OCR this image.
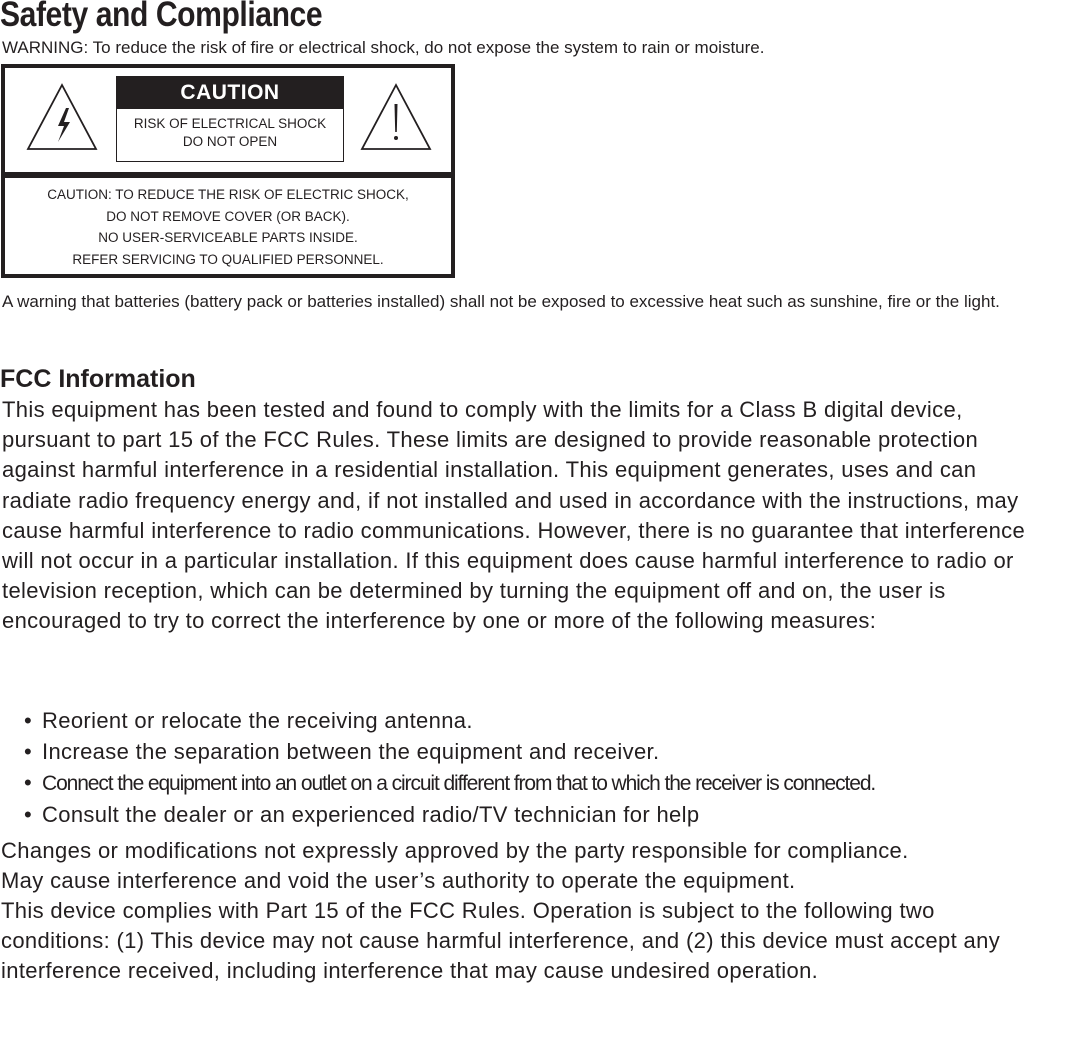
Safety and Compliance
WARNING: To reduce the risk of fire or electrical shock, do not expose the system to rain or moisture.
CAUTION
RISK OF ELECTRICAL SHOCK
DO NOT OPEN
CAUTION: TO REDUCE THE RISK OF ELECTRIC SHOCK,
DO NOT REMOVE COVER (OR BACK).
NO USER-SERVICEABLE PARTS INSIDE.
REFER SERVICING TO QUALIFIED PERSONNEL.
A warning that batteries (battery pack or batteries installed) shall not be exposed to excessive heat such as sunshine, fire or the light.
FCC Information
This equipment has been tested and found to comply with the limits for a Class B digital device, pursuant to part 15 of the FCC Rules. These limits are designed to provide reasonable protection against harmful interference in a residential installation. This equipment generates, uses and can radiate radio frequency energy and, if not installed and used in accordance with the instructions, may cause harmful interference to radio communications. However, there is no guarantee that interference will not occur in a particular installation. If this equipment does cause harmful interference to radio or television reception, which can be determined by turning the equipment off and on, the user is encouraged to try to correct the interference by one or more of the following measures:
• Reorient or relocate the receiving antenna.
• Increase the separation between the equipment and receiver.
• Connect the equipment into an outlet on a circuit different from that to which the receiver is connected.
• Consult the dealer or an experienced radio/TV technician for help

Changes or modifications not expressly approved by the party responsible for compliance.

May cause interference and void the user’s authority to operate the equipment.

This device complies with Part 15 of the FCC Rules. Operation is subject to the following two conditions: (1) This device may not cause harmful interference, and (2) this device must accept any interference received, including interference that may cause undesired operation.
